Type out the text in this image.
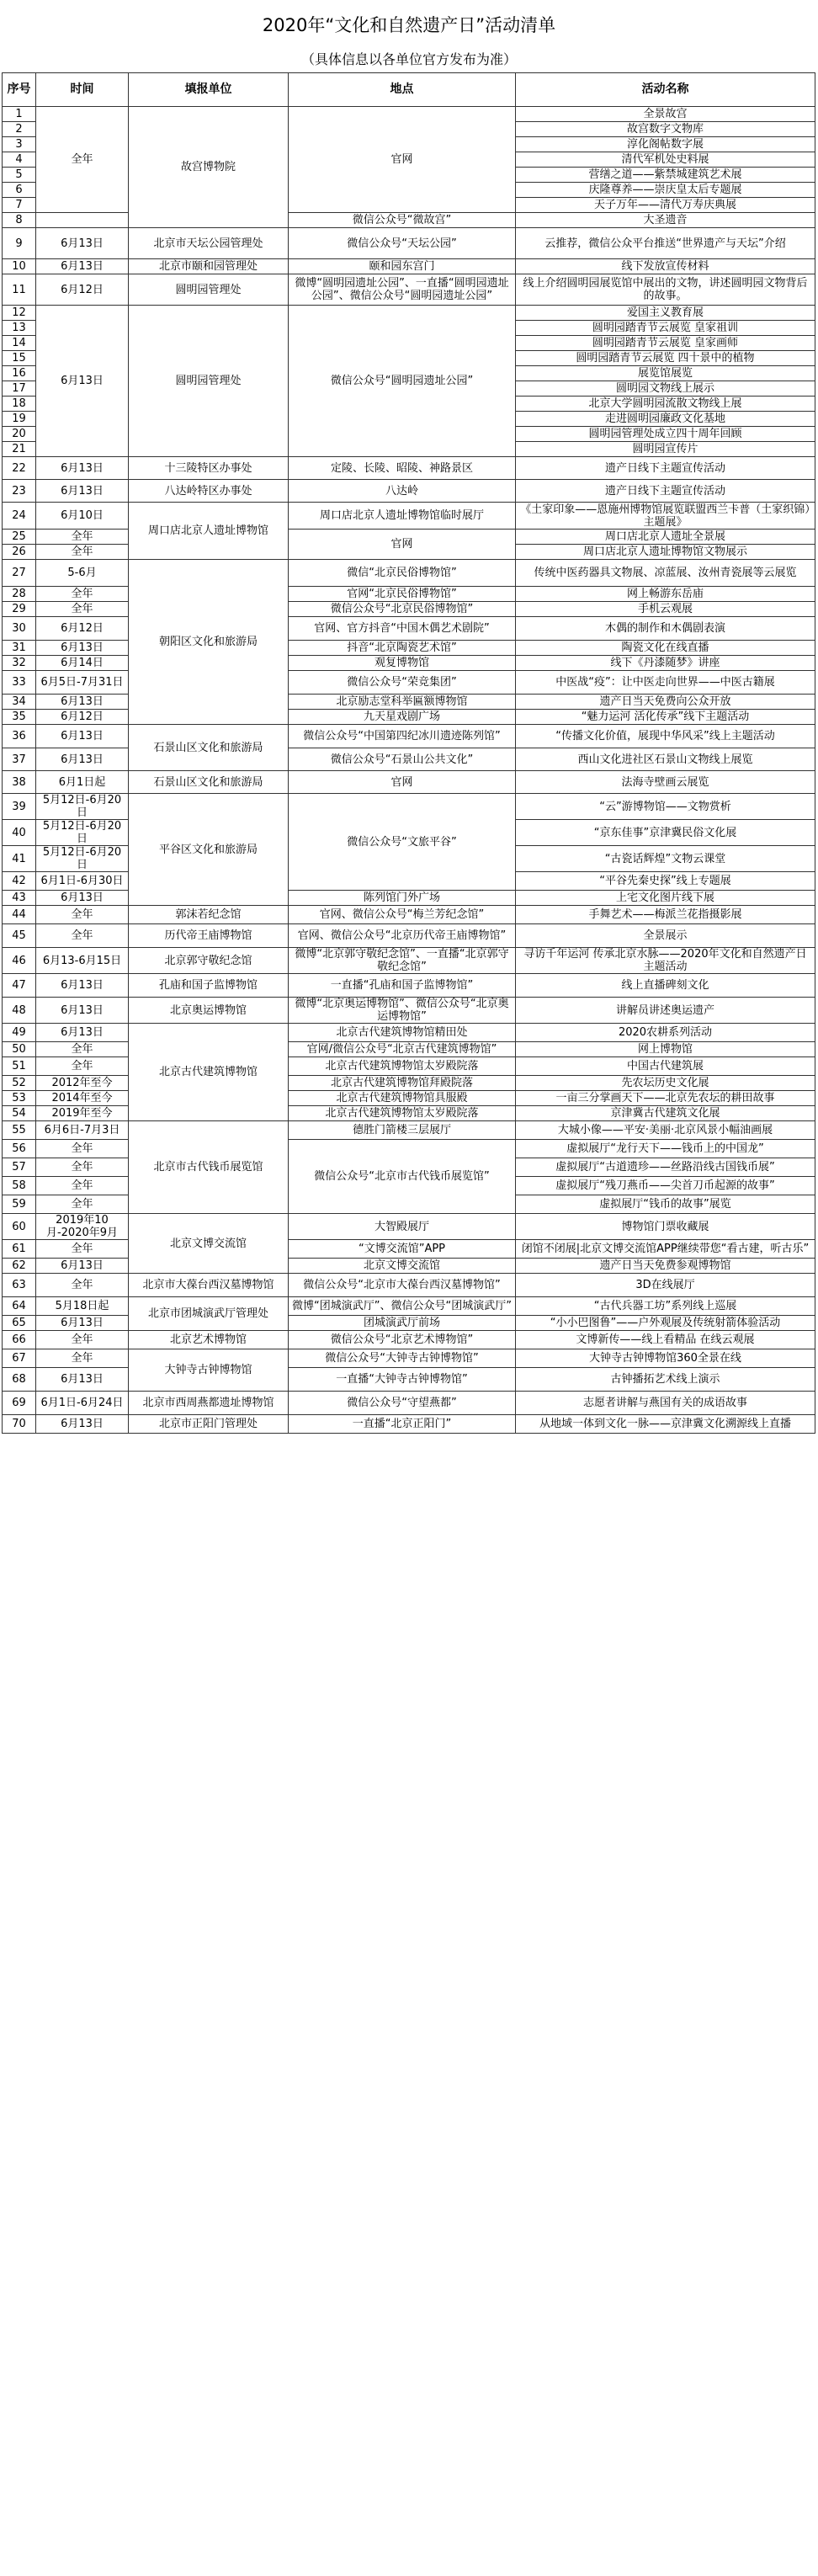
2020年“文化和自然遗产日”活动清单
（具体信息以各单位官方发布为准）
序号	时间	填报单位	地点	活动名称
1	全年	故宫博物院	官网	全景故宫
2				故宫数字文物库
3				淳化阁帖数字展
4				清代军机处史料展
5				营缮之道——紫禁城建筑艺术展
6				庆隆尊养——崇庆皇太后专题展
7				天子万年——清代万寿庆典展
8			微信公众号“微故宫”	大圣遗音
9	6月13日	北京市天坛公园管理处	微信公众号“天坛公园”	云推荐，微信公众平台推送“世界遗产与天坛”介绍
10	6月13日	北京市颐和园管理处	颐和园东宫门	线下发放宣传材料
11	6月12日	圆明园管理处	微博“圆明园遗址公园”、一直播“圆明园遗址公园”、微信公众号“圆明园遗址公园”	线上介绍圆明园展览馆中展出的文物，讲述圆明园文物背后的故事。
12	6月13日	圆明园管理处	微信公众号“圆明园遗址公园”	爱国主义教育展
13				圆明园踏青节云展览 皇家祖训
14				圆明园踏青节云展览 皇家画师
15				圆明园踏青节云展览 四十景中的植物
16				展览馆展览
17				圆明园文物线上展示
18				北京大学圆明园流散文物线上展
19				走进圆明园廉政文化基地
20				圆明园管理处成立四十周年回顾
21				圆明园宣传片
22	6月13日	十三陵特区办事处	定陵、长陵、昭陵、神路景区	遗产日线下主题宣传活动
23	6月13日	八达岭特区办事处	八达岭	遗产日线下主题宣传活动
24	6月10日	周口店北京人遗址博物馆	周口店北京人遗址博物馆临时展厅	《土家印象——恩施州博物馆展览联盟西兰卡普（土家织锦）主题展》
25	全年		官网	周口店北京人遗址全景展
26	全年			周口店北京人遗址博物馆文物展示
27	5-6月	朝阳区文化和旅游局	微信“北京民俗博物馆”	传统中医药器具文物展、凉蓝展、汝州青瓷展等云展览
28	全年		官网“北京民俗博物馆”	网上畅游东岳庙
29	全年		微信公众号“北京民俗博物馆”	手机云观展
30	6月12日		官网、官方抖音“中国木偶艺术剧院”	木偶的制作和木偶剧表演
31	6月13日		抖音“北京陶瓷艺术馆”	陶瓷文化在线直播
32	6月14日		观复博物馆	线下《丹漆随梦》讲座
33	6月5日-7月31日		微信公众号“荣竞集团”	中医战“疫”：让中医走向世界——中医古籍展
34	6月13日		北京励志堂科举匾额博物馆	遗产日当天免费向公众开放
35	6月12日		九天星戏剧广场	“魅力运河 活化传承”线下主题活动
36	6月13日	石景山区文化和旅游局	微信公众号“中国第四纪冰川遗迹陈列馆”	“传播文化价值，展现中华风采”线上主题活动
37	6月13日		微信公众号“石景山公共文化”	西山文化进社区石景山文物线上展览
38	6月1日起	石景山区文化和旅游局	官网	法海寺壁画云展览
39	5月12日-6月20日	平谷区文化和旅游局	微信公众号“文旅平谷”	“云”游博物馆——文物赏析
40	5月12日-6月20日			“京东佳事”京津冀民俗文化展
41	5月12日-6月20日			“古瓷话辉煌”文物云课堂
42	6月1日-6月30日			“平谷先秦史探”线上专题展
43	6月13日		陈列馆门外广场	上宅文化图片线下展
44	全年	郭沫若纪念馆	官网、微信公众号“梅兰芳纪念馆”	手舞艺术——梅派兰花指摄影展
45	全年	历代帝王庙博物馆	官网、微信公众号“北京历代帝王庙博物馆”	全景展示
46	6月13-6月15日	北京郭守敬纪念馆	微博“北京郭守敬纪念馆”、一直播“北京郭守敬纪念馆”	寻访千年运河 传承北京水脉——2020年文化和自然遗产日主题活动
47	6月13日	孔庙和国子监博物馆	一直播“孔庙和国子监博物馆”	线上直播碑刻文化
48	6月13日	北京奥运博物馆	微博“北京奥运博物馆”、微信公众号“北京奥运博物馆”	讲解员讲述奥运遗产
49	6月13日	北京古代建筑博物馆	北京古代建筑博物馆精田处	2020农耕系列活动
50	全年		官网/微信公众号“北京古代建筑博物馆”	网上博物馆
51	全年		北京古代建筑博物馆太岁殿院落	中国古代建筑展
52	2012年至今		北京古代建筑博物馆拜殿院落	先农坛历史文化展
53	2014年至今		北京古代建筑博物馆具服殿	一亩三分掌画天下——北京先农坛的耕田故事
54	2019年至今		北京古代建筑博物馆太岁殿院落	京津冀古代建筑文化展
55	6月6日-7月3日	北京市古代钱币展览馆	德胜门箭楼三层展厅	大城小像——平安·美丽·北京风景小幅油画展
56	全年		微信公众号“北京市古代钱币展览馆”	虚拟展厅“龙行天下——钱币上的中国龙”
57	全年			虚拟展厅“古道遗珍——丝路沿线古国钱币展”
58	全年			虚拟展厅“残刀燕币——尖首刀币起源的故事”
59	全年			虚拟展厅“钱币的故事”展览
60	2019年10月-2020年9月	北京文博交流馆	大智殿展厅	博物馆门票收藏展
61	全年		“文博交流馆”APP	闭馆不闭展|北京文博交流馆APP继续带您“看古建，听古乐”
62	6月13日		北京文博交流馆	遗产日当天免费参观博物馆
63	全年	北京市大葆台西汉墓博物馆	微信公众号“北京市大葆台西汉墓博物馆”	3D在线展厅
64	5月18日起	北京市团城演武厅管理处	微博“团城演武厅”、微信公众号“团城演武厅”	“古代兵器工坊”系列线上巡展
65	6月13日		团城演武厅前场	“小小巴图鲁”——户外观展及传统射箭体验活动
66	全年	北京艺术博物馆	微信公众号“北京艺术博物馆”	文博新传——线上看精品 在线云观展
67	全年	大钟寺古钟博物馆	微信公众号“大钟寺古钟博物馆”	大钟寺古钟博物馆360全景在线
68	6月13日		一直播“大钟寺古钟博物馆”	古钟播拓艺术线上演示
69	6月1日-6月24日	北京市西周燕都遗址博物馆	微信公众号“守望燕都”	志愿者讲解与燕国有关的成语故事
70	6月13日	北京市正阳门管理处	一直播“北京正阳门”	从地域一体到文化一脉——京津冀文化溯源线上直播
